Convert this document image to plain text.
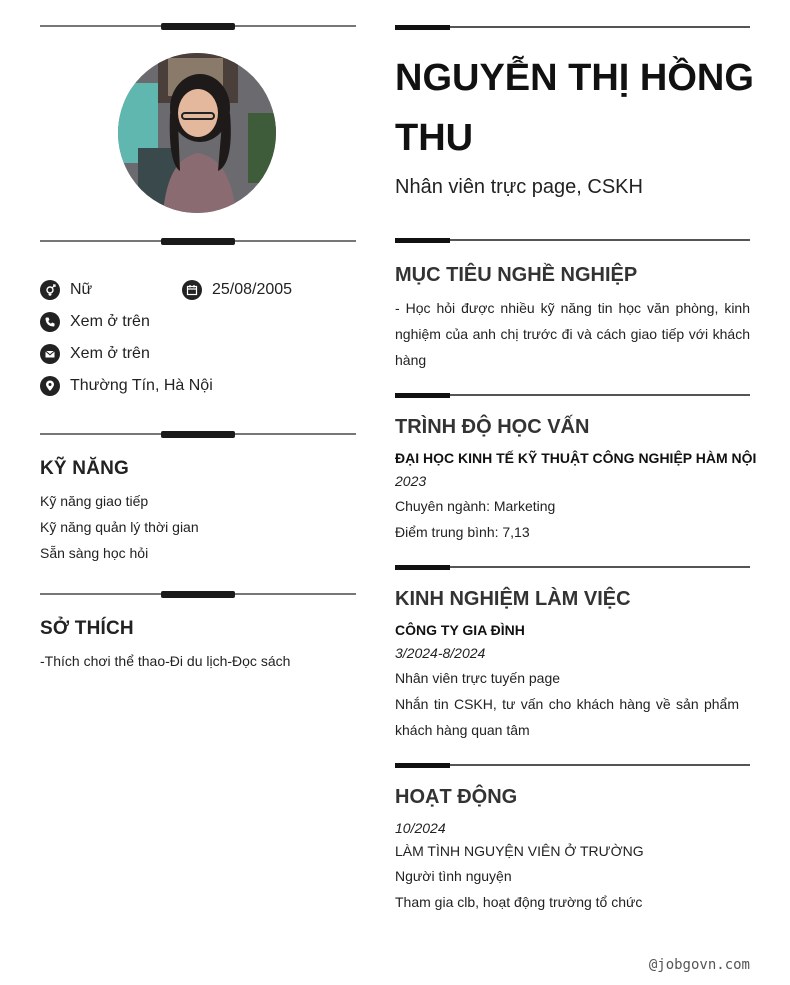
Nữ	25/08/2005
Xem ở trên
Xem ở trên
Thường Tín, Hà Nội
KỸ NĂNG
Kỹ năng giao tiếp
Kỹ năng quản lý thời gian
Sẵn sàng học hỏi
SỞ THÍCH
-Thích chơi thể thao-Đi du lịch-Đọc sách
NGUYỄN THỊ HỒNG THU
Nhân viên trực page, CSKH
MỤC TIÊU NGHỀ NGHIỆP
- Học hỏi được nhiều kỹ năng tin học văn phòng, kinh nghiệm của anh chị trước đi và cách giao tiếp với khách hàng
TRÌNH ĐỘ HỌC VẤN
ĐẠI HỌC KINH TẾ KỸ THUẬT CÔNG NGHIỆP HÀM NỘI
2023
Chuyên ngành: Marketing
Điểm trung bình: 7,13
KINH NGHIỆM LÀM VIỆC
CÔNG TY GIA ĐÌNH
3/2024-8/2024
Nhân viên trực tuyến page
Nhắn tin CSKH, tư vấn cho khách hàng về sản phẩm khách hàng quan tâm
HOẠT ĐỘNG
10/2024
LÀM TÌNH NGUYỆN VIÊN Ở TRƯỜNG
Người tình nguyện
Tham gia clb, hoạt động trường tổ chức
@jobgovn.com
